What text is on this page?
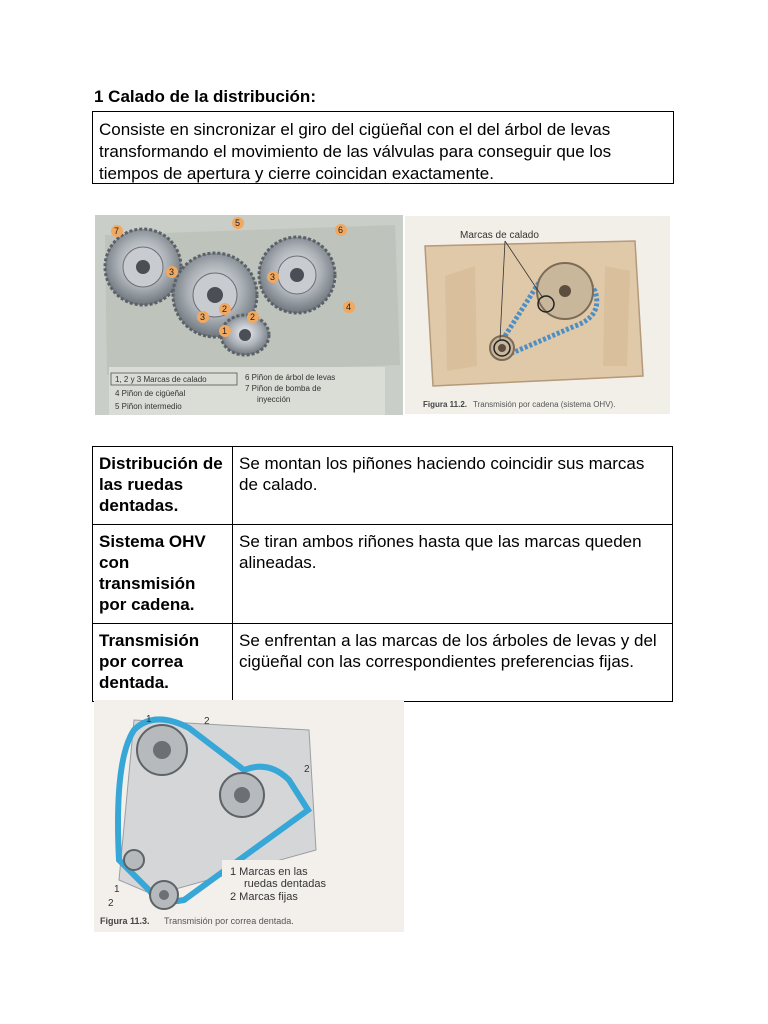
1 Calado de la distribución:
Consiste en sincronizar el giro del cigüeñal con el del árbol de levas transformando el movimiento de las válvulas para conseguir que los tiempos de apertura y cierre coincidan exactamente.
7
5
6
3	3
4
3
2
1
2
1, 2 y 3 Marcas de calado
4 Piñon de cigüeñal
5 Piñon intermedio
6 Piñon de árbol de levas
7 Piñon de bomba de
inyección
Marcas de calado
Figura 11.2. Transmisión por cadena (sistema OHV).
Distribución de las ruedas dentadas.	Se montan los piñones haciendo coincidir sus marcas de calado.
Sistema OHV con transmisión por cadena.	Se tiran ambos riñones hasta que las marcas queden alineadas.
Transmisión por correa dentada.	Se enfrentan a las marcas de los árboles de levas y del cigüeñal con las correspondientes preferencias fijas.
1	2
2
1
2
1 Marcas en las
ruedas dentadas
2 Marcas fijas
Figura 11.3. Transmisión por correa dentada.
